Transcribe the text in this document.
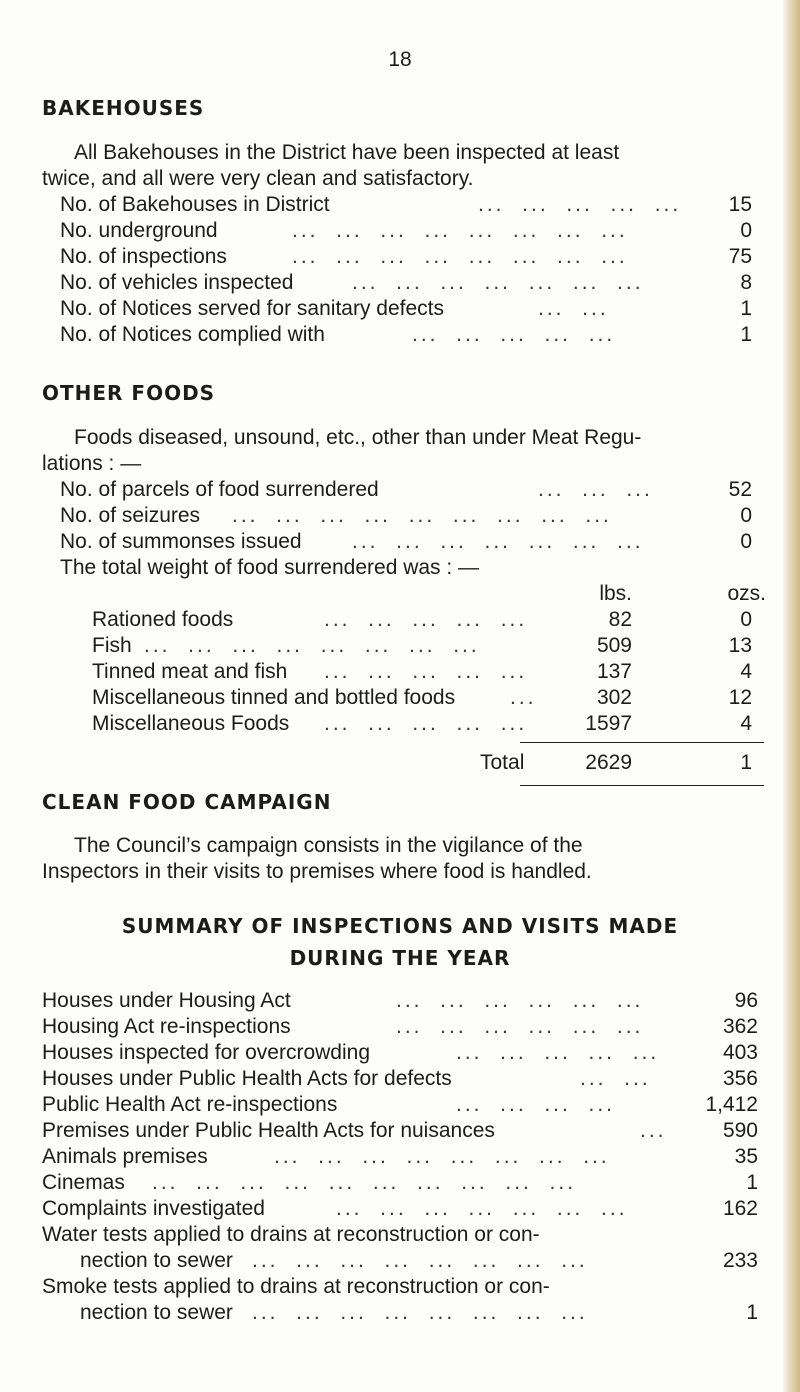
18
BAKEHOUSES
All Bakehouses in the District have been inspected at least
twice, and all were very clean and satisfactory.
No. of Bakehouses in District	...  ...  ...  ...  ...	15
No. underground	...  ...  ...  ...  ...  ...  ...  ...	0
No. of inspections	...  ...  ...  ...  ...  ...  ...  ...	75
No. of vehicles inspected	...  ...  ...  ...  ...  ...  ...	8
No. of Notices served for sanitary defects	...  ...	1
No. of Notices complied with	...  ...  ...  ...  ...	1
OTHER FOODS
Foods diseased, unsound, etc., other than under Meat Regu-
lations : —
No. of parcels of food surrendered	...  ...  ...	52
No. of seizures ...  ...  ...  ...  ...  ...  ...  ...  ...	0
No. of summonses issued ...  ...  ...  ...  ...  ...  ...	0
The total weight of food surrendered was : —
lbs.	ozs.
Rationed foods	...  ...  ...  ...  ...	82	0
Fish ...  ...  ...  ...  ...  ...  ...  ...	509	13
Tinned meat and fish ...  ...  ...  ...  ...	137	4
Miscellaneous tinned and bottled foods	...	302	12
Miscellaneous Foods ...  ...  ...  ...  ...	1597	4
Total	2629	1
CLEAN FOOD CAMPAIGN
The Council’s campaign consists in the vigilance of the
Inspectors in their visits to premises where food is handled.
SUMMARY OF INSPECTIONS AND VISITS MADE
DURING THE YEAR
Houses under Housing Act	...  ...  ...  ...  ...  ...	96
Housing Act re-inspections	...  ...  ...  ...  ...  ...	362
Houses inspected for overcrowding	...  ...  ...  ...  ...	403
Houses under Public Health Acts for defects	...  ...	356
Public Health Act re-inspections	...  ...  ...  ...	1,412
Premises under Public Health Acts for nuisances	...	590
Animals premises	...  ...  ...  ...  ...  ...  ...  ...	35
Cinemas ...  ...  ...  ...  ...  ...  ...  ...  ...  ...	1
Complaints investigated	...  ...  ...  ...  ...  ...  ...	162
Water tests applied to drains at reconstruction or con-
nection to sewer ...  ...  ...  ...  ...  ...  ...  ...	233
Smoke tests applied to drains at reconstruction or con-
nection to sewer ...  ...  ...  ...  ...  ...  ...  ...	1
